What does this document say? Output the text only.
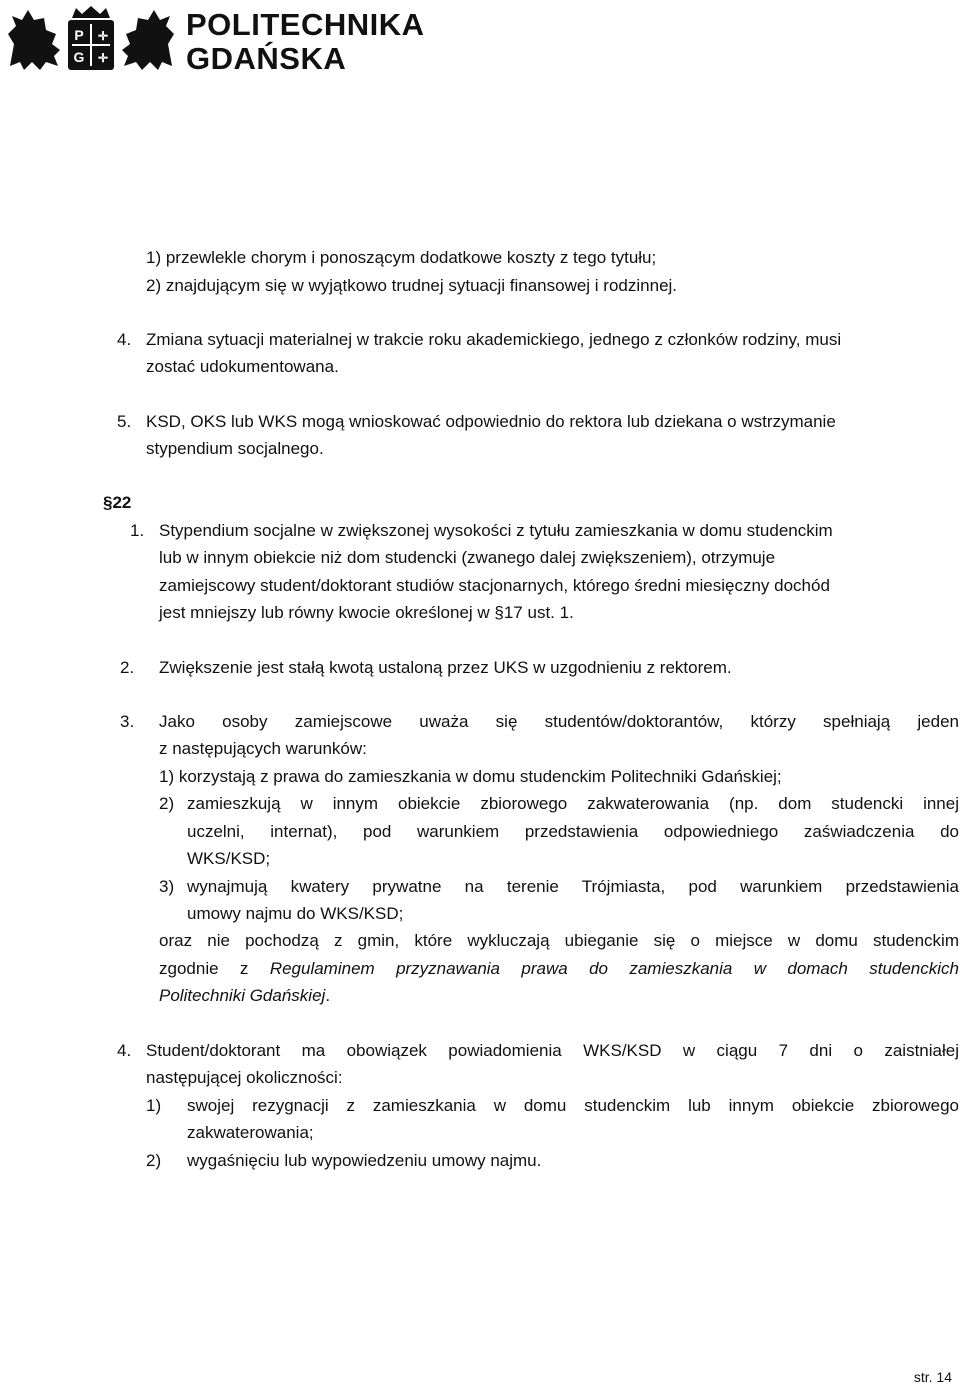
P
G
✛
✛
POLITECHNIKA
GDAŃSKA
1) przewlekle chorym i ponoszącym dodatkowe koszty z tego tytułu;
2) znajdującym się w wyjątkowo trudnej sytuacji finansowej i rodzinnej.
4. Zmiana sytuacji materialnej w trakcie roku akademickiego, jednego z członków rodziny, musi
zostać udokumentowana.
5. KSD, OKS lub WKS mogą wnioskować odpowiednio do rektora lub dziekana o wstrzymanie
stypendium socjalnego.
§22
1. Stypendium socjalne w zwiększonej wysokości z tytułu zamieszkania w domu studenckim
lub w innym obiekcie niż dom studencki (zwanego dalej zwiększeniem), otrzymuje
zamiejscowy student/doktorant studiów stacjonarnych, którego średni miesięczny dochód
jest mniejszy lub równy kwocie określonej w §17 ust. 1.
2. Zwiększenie jest stałą kwotą ustaloną przez UKS w uzgodnieniu z rektorem.
3. Jako osoby zamiejscowe uważa się studentów/doktorantów, którzy spełniają jeden
z następujących warunków:
1) korzystają z prawa do zamieszkania w domu studenckim Politechniki Gdańskiej;
2) zamieszkują w innym obiekcie zbiorowego zakwaterowania (np. dom studencki innej
uczelni, internat), pod warunkiem przedstawienia odpowiedniego zaświadczenia do
WKS/KSD;
3) wynajmują kwatery prywatne na terenie Trójmiasta, pod warunkiem przedstawienia
umowy najmu do WKS/KSD;
oraz nie pochodzą z gmin, które wykluczają ubieganie się o miejsce w domu studenckim
zgodnie z Regulaminem przyznawania prawa do zamieszkania w domach studenckich
Politechniki Gdańskiej.
4. Student/doktorant ma obowiązek powiadomienia WKS/KSD w ciągu 7 dni o zaistniałej
następującej okoliczności:
1) swojej rezygnacji z zamieszkania w domu studenckim lub innym obiekcie zbiorowego
zakwaterowania;
2) wygaśnięciu lub wypowiedzeniu umowy najmu.
str. 14
